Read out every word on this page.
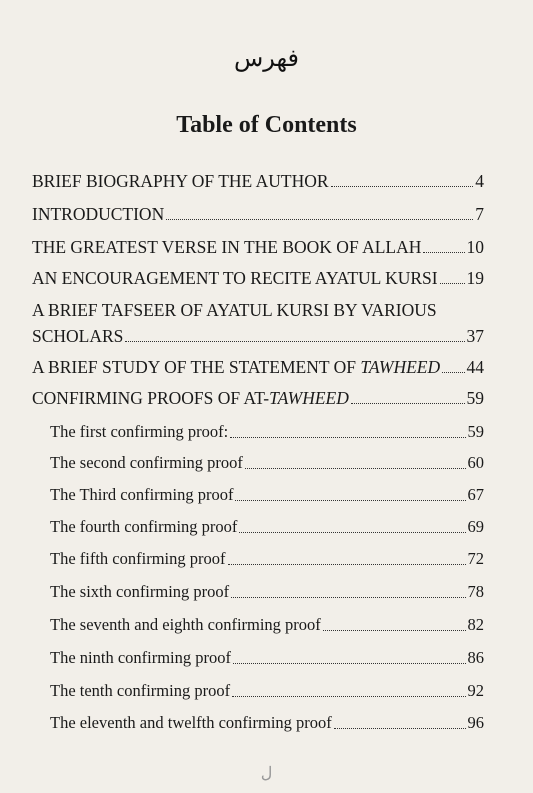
فهرس
Table of Contents
BRIEF BIOGRAPHY OF THE AUTHOR	4
INTRODUCTION	7
THE GREATEST VERSE IN THE BOOK OF ALLAH	10
AN ENCOURAGEMENT TO RECITE AYATUL KURSI 19
A BRIEF TAFSEER OF AYATUL KURSI BY VARIOUS
SCHOLARS	37
A BRIEF STUDY OF THE STATEMENT OF TAWHEED 44
CONFIRMING PROOFS OF AT-TAWHEED	59
The first confirming proof:	59
The second confirming proof	60
The Third confirming proof	67
The fourth confirming proof	69
The fifth confirming proof	72
The sixth confirming proof	78
The seventh and eighth confirming proof	82
The ninth confirming proof	86
The tenth confirming proof	92
The eleventh and twelfth confirming proof	96
ل
